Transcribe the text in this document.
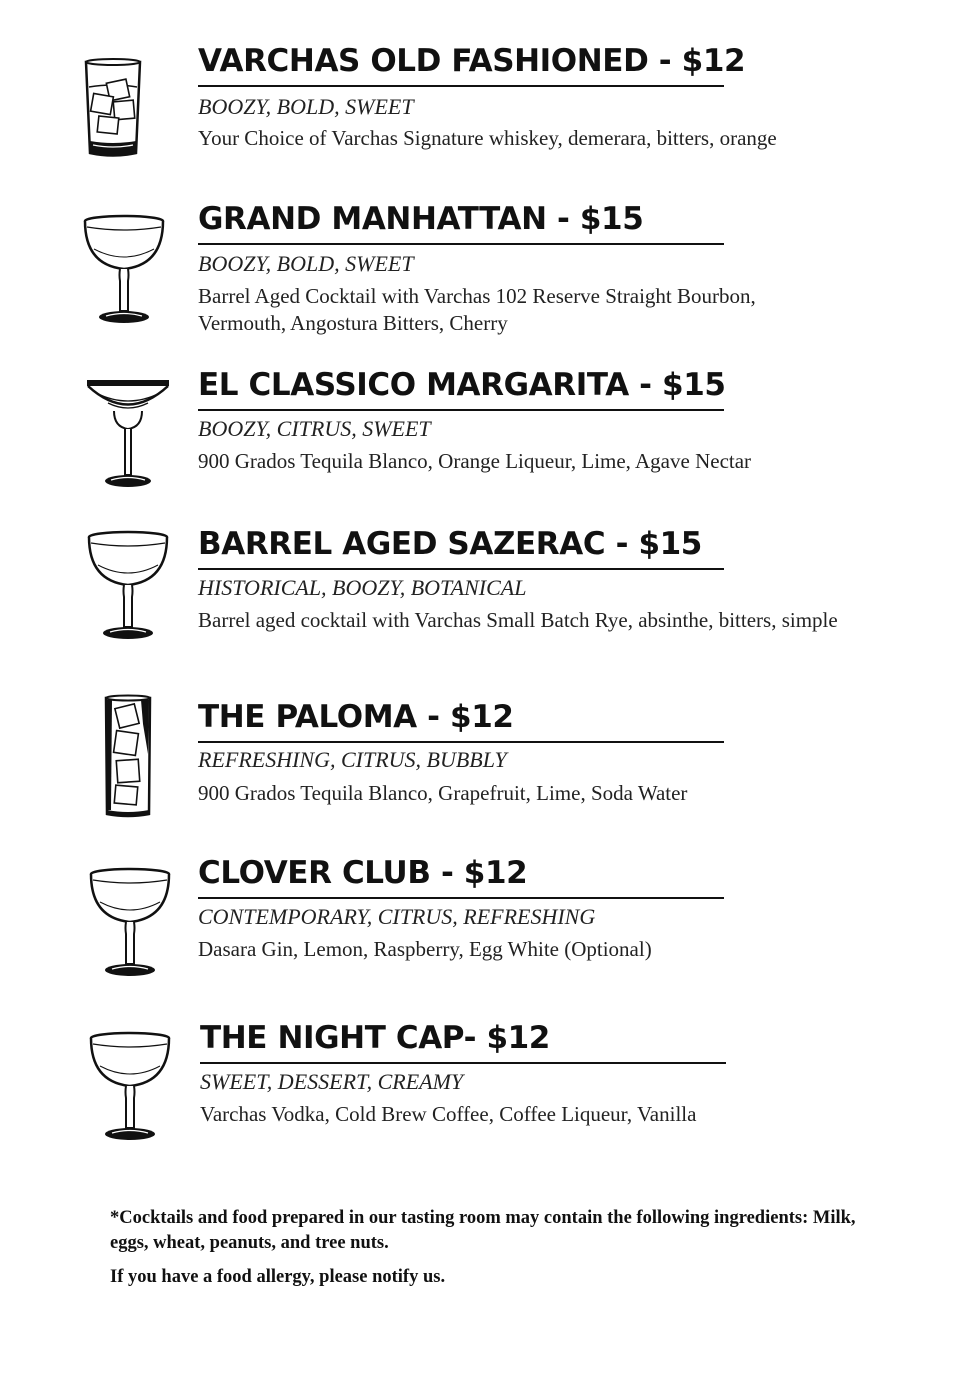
VARCHAS OLD FASHIONED - $12
BOOZY, BOLD, SWEET
Your Choice of Varchas Signature whiskey, demerara, bitters, orange
GRAND MANHATTAN - $15
BOOZY, BOLD, SWEET
Barrel Aged Cocktail with Varchas 102 Reserve Straight Bourbon, Vermouth, Angostura Bitters, Cherry
EL CLASSICO MARGARITA - $15
BOOZY, CITRUS, SWEET
900 Grados Tequila Blanco, Orange Liqueur, Lime, Agave Nectar
BARREL AGED SAZERAC - $15
HISTORICAL, BOOZY, BOTANICAL
Barrel aged cocktail with Varchas Small Batch Rye, absinthe, bitters, simple
THE PALOMA - $12
REFRESHING, CITRUS, BUBBLY
900 Grados Tequila Blanco, Grapefruit, Lime, Soda Water
CLOVER CLUB - $12
CONTEMPORARY, CITRUS, REFRESHING
Dasara Gin, Lemon, Raspberry, Egg White (Optional)
THE NIGHT CAP- $12
SWEET, DESSERT, CREAMY
Varchas Vodka, Cold Brew Coffee, Coffee Liqueur, Vanilla
*Cocktails and food prepared in our tasting room may contain the following ingredients: Milk, eggs, wheat, peanuts, and tree nuts.
If you have a food allergy, please notify us.
